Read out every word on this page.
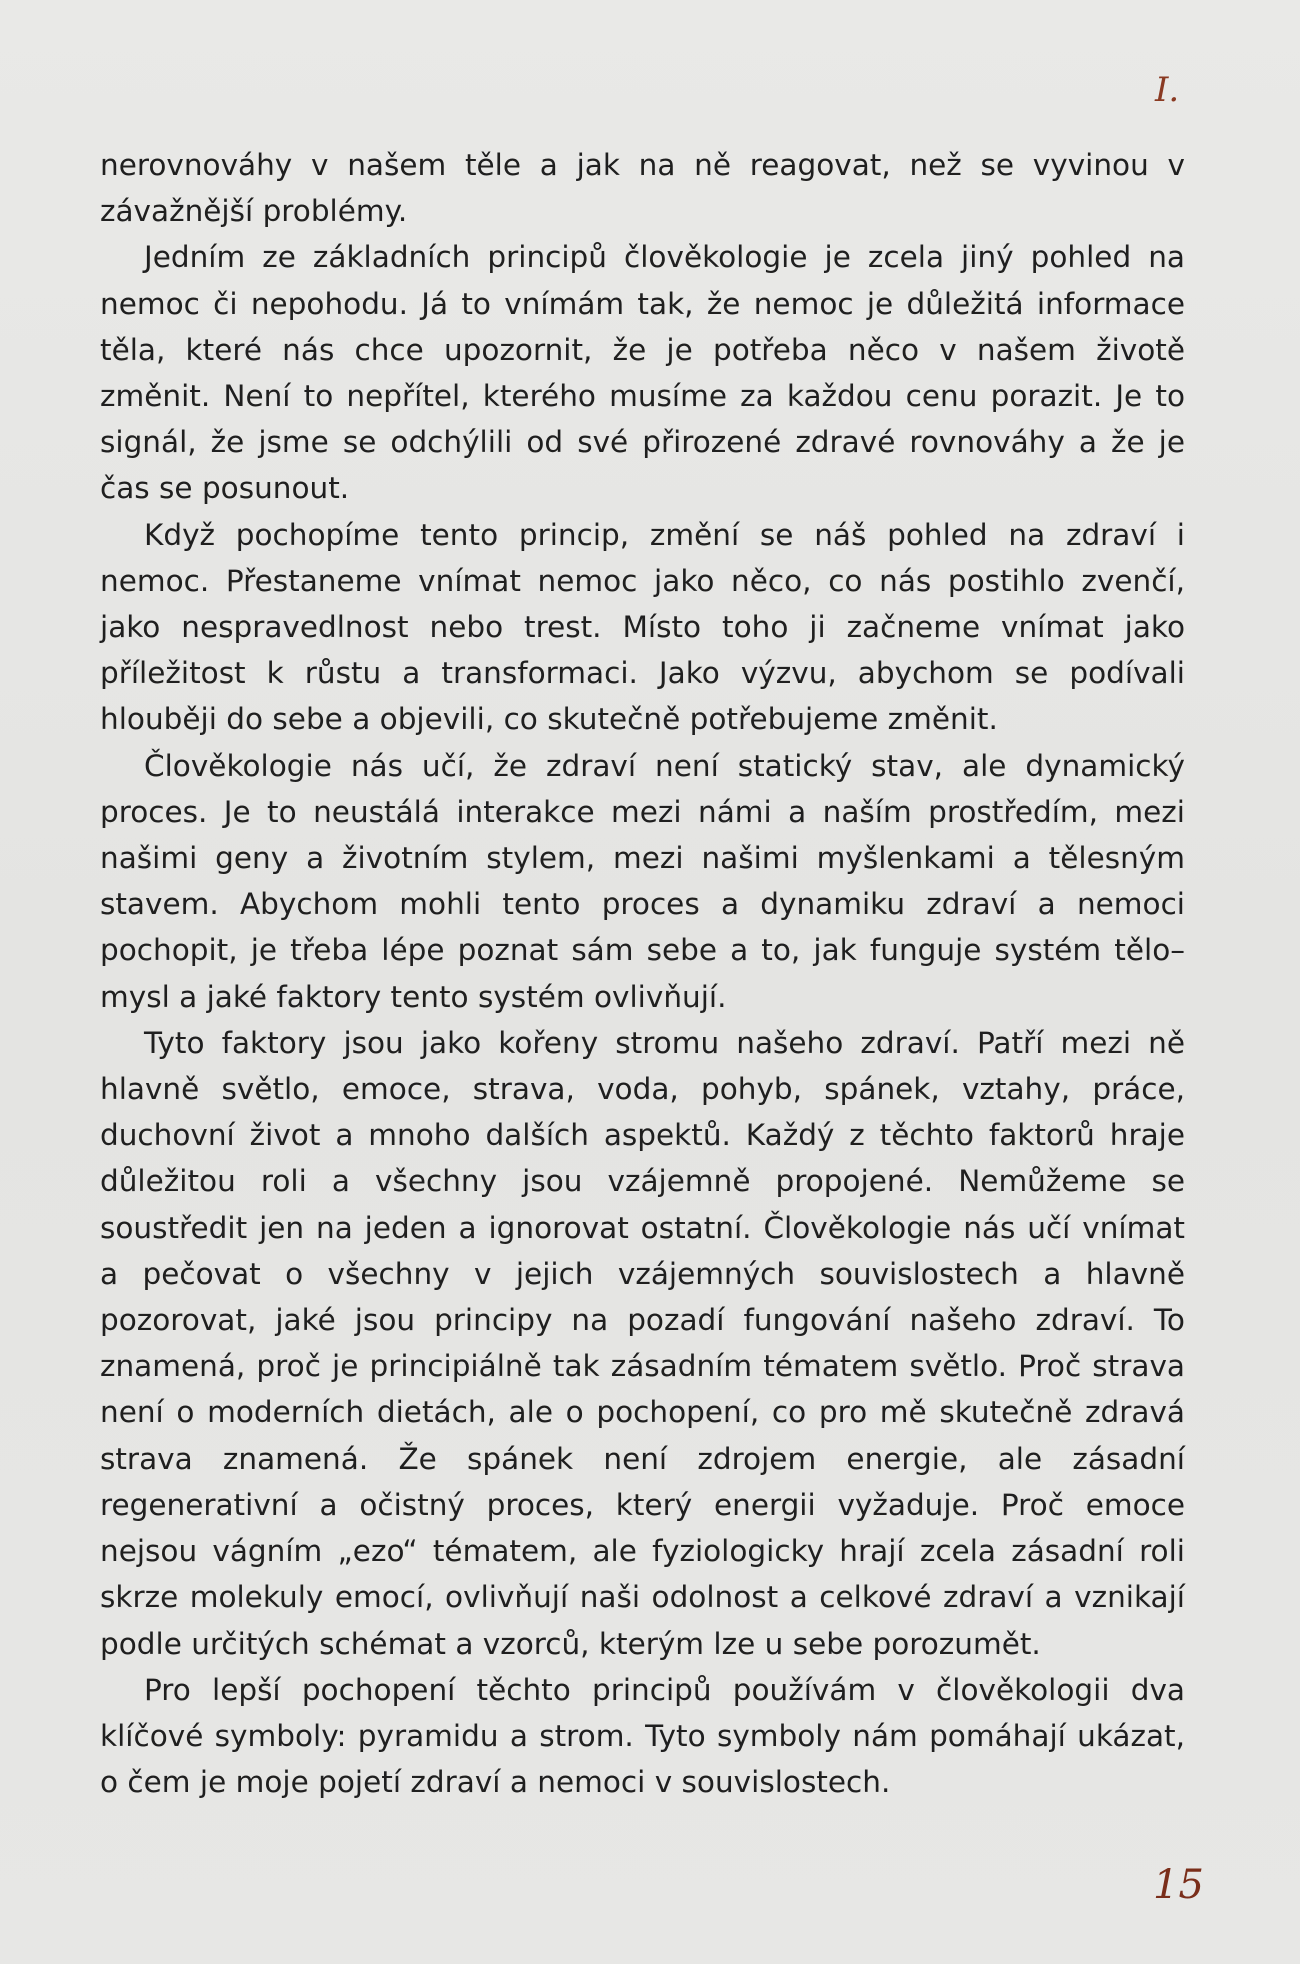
I.

nerovnováhy v našem těle a jak na ně reagovat, než se vyvinou v závažnější problémy.

Jedním ze základních principů člověkologie je zcela jiný pohled na nemoc či nepohodu. Já to vnímám tak, že nemoc je důležitá informace těla, které nás chce upozornit, že je potřeba něco v našem životě změnit. Není to nepřítel, kterého musíme za každou cenu porazit. Je to signál, že jsme se odchýlili od své přirozené zdravé rovnováhy a že je čas se posunout.

Když pochopíme tento princip, změní se náš pohled na zdraví i nemoc. Přestaneme vnímat nemoc jako něco, co nás postihlo zvenčí, jako nespravedlnost nebo trest. Místo toho ji začneme vnímat jako příležitost k růstu a transformaci. Jako výzvu, abychom se podívali hlouběji do sebe a objevili, co skutečně potřebujeme změnit.

Člověkologie nás učí, že zdraví není statický stav, ale dynamický proces. Je to neustálá interakce mezi námi a naším prostředím, mezi našimi geny a životním stylem, mezi našimi myšlenkami a tělesným stavem. Abychom mohli tento proces a dynamiku zdraví a nemoci pochopit, je třeba lépe poznat sám sebe a to, jak funguje systém tělo–mysl a jaké faktory tento systém ovlivňují.

Tyto faktory jsou jako kořeny stromu našeho zdraví. Patří mezi ně hlavně světlo, emoce, strava, voda, pohyb, spánek, vztahy, práce, duchovní život a mnoho dalších aspektů. Každý z těchto faktorů hraje důležitou roli a všechny jsou vzájemně propojené. Nemůžeme se soustředit jen na jeden a ignorovat ostatní. Člověkologie nás učí vnímat a pečovat o všechny v jejich vzájemných souvislostech a hlavně pozorovat, jaké jsou principy na pozadí fungování našeho zdraví. To znamená, proč je principiálně tak zásadním tématem světlo. Proč strava není o moderních dietách, ale o pochopení, co pro mě skutečně zdravá strava znamená. Že spánek není zdrojem energie, ale zásadní regenerativní a očistný proces, který energii vyžaduje. Proč emoce nejsou vágním „ezo“ tématem, ale fyziologicky hrají zcela zásadní roli skrze molekuly emocí, ovlivňují naši odolnost a celkové zdraví a vznikají podle určitých schémat a vzorců, kterým lze u sebe porozumět.

Pro lepší pochopení těchto principů používám v člověkologii dva klíčové symboly: pyramidu a strom. Tyto symboly nám pomáhají ukázat, o čem je moje pojetí zdraví a nemoci v souvislostech.

15
